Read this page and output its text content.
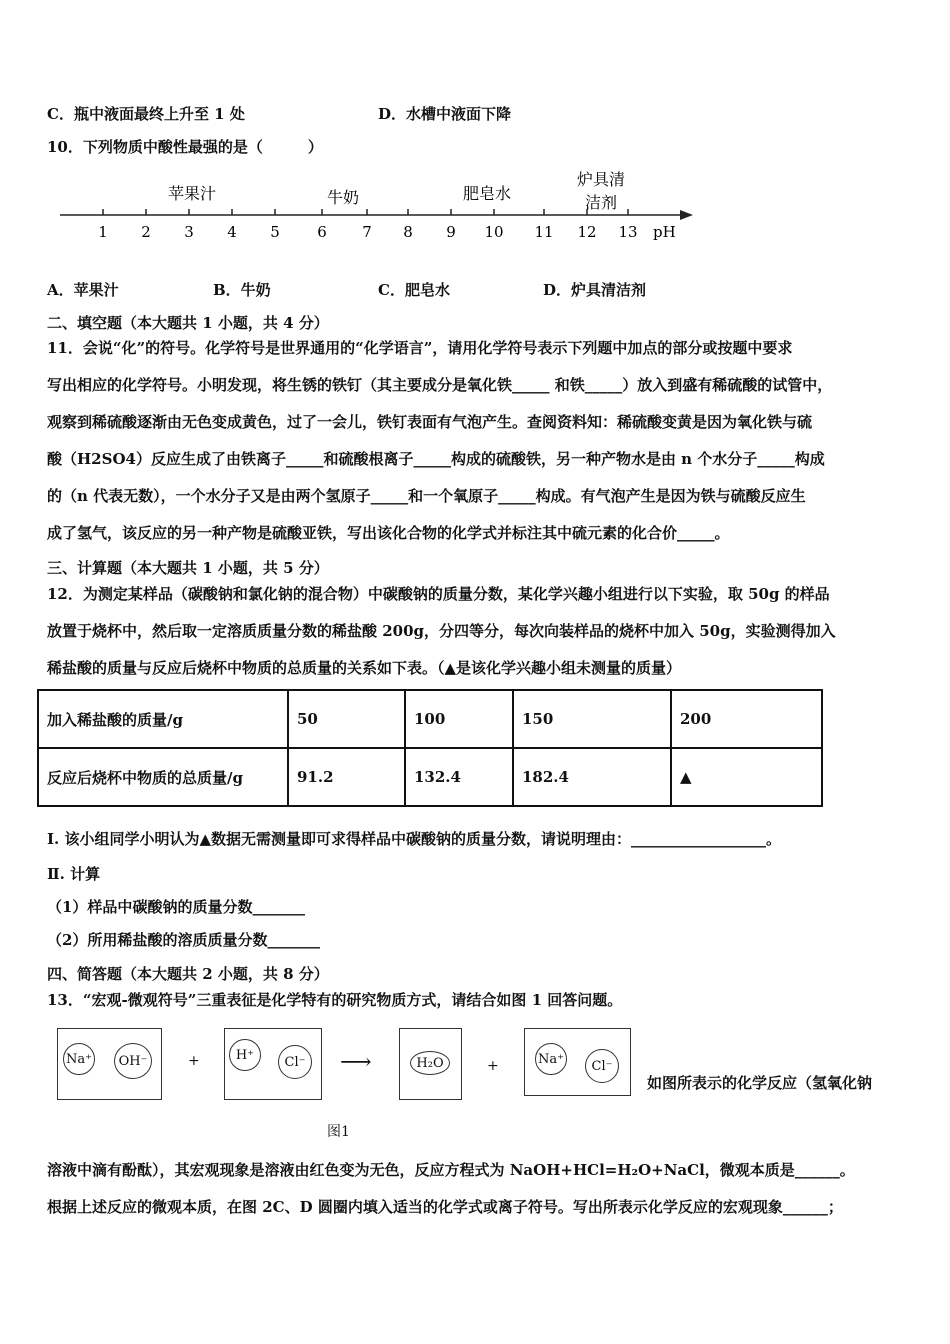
C．瓶中液面最终上升至 1 处	D．水槽中液面下降
10．下列物质中酸性最强的是（　　　）
1 2 3 4 5 6 7 8 9 10 11 12 13 pH
苹果汁	牛奶	肥皂水
炉具清
洁剂
A．苹果汁	B．牛奶	C．肥皂水	D．炉具清洁剂
二、填空题（本大题共 1 小题，共 4 分）
11．会说“化”的符号。化学符号是世界通用的“化学语言”，请用化学符号表示下列题中加点的部分或按题中要求
写出相应的化学符号。小明发现，将生锈的铁钉（其主要成分是氧化铁_____ 和铁_____）放入到盛有稀硫酸的试管中，
观察到稀硫酸逐渐由无色变成黄色，过了一会儿，铁钉表面有气泡产生。查阅资料知：稀硫酸变黄是因为氧化铁与硫
酸（H2SO4）反应生成了由铁离子_____和硫酸根离子_____构成的硫酸铁，另一种产物水是由 n 个水分子_____构成
的（n 代表无数），一个水分子又是由两个氢原子_____和一个氧原子_____构成。有气泡产生是因为铁与硫酸反应生
成了氢气，该反应的另一种产物是硫酸亚铁，写出该化合物的化学式并标注其中硫元素的化合价_____。
三、计算题（本大题共 1 小题，共 5 分）
12．为测定某样品（碳酸钠和氯化钠的混合物）中碳酸钠的质量分数，某化学兴趣小组进行以下实验，取 50g 的样品
放置于烧杯中，然后取一定溶质质量分数的稀盐酸 200g，分四等分，每次向装样品的烧杯中加入 50g，实验测得加入
稀盐酸的质量与反应后烧杯中物质的总质量的关系如下表。（▲是该化学兴趣小组未测量的质量）
加入稀盐酸的质量/g	50	100	150	200
反应后烧杯中物质的总质量/g	91.2	132.4	182.4	▲
Ⅰ. 该小组同学小明认为▲数据无需测量即可求得样品中碳酸钠的质量分数，请说明理由：__________________。
Ⅱ. 计算
（1）样品中碳酸钠的质量分数_______
（2）所用稀盐酸的溶质质量分数_______
四、简答题（本大题共 2 小题，共 8 分）
13．“宏观-微观符号”三重表征是化学特有的研究物质方式，请结合如图 1 回答问题。
Na⁺	OH⁻	+	H⁺	Cl⁻ ⟶	H₂O	+	Na⁺	Cl⁻
如图所表示的化学反应（氢氧化钠
图1
溶液中滴有酚酞），其宏观现象是溶液由红色变为无色，反应方程式为 NaOH+HCl=H₂O+NaCl，微观本质是______。
根据上述反应的微观本质，在图 2C、D 圆圈内填入适当的化学式或离子符号。写出所表示化学反应的宏观现象______；
